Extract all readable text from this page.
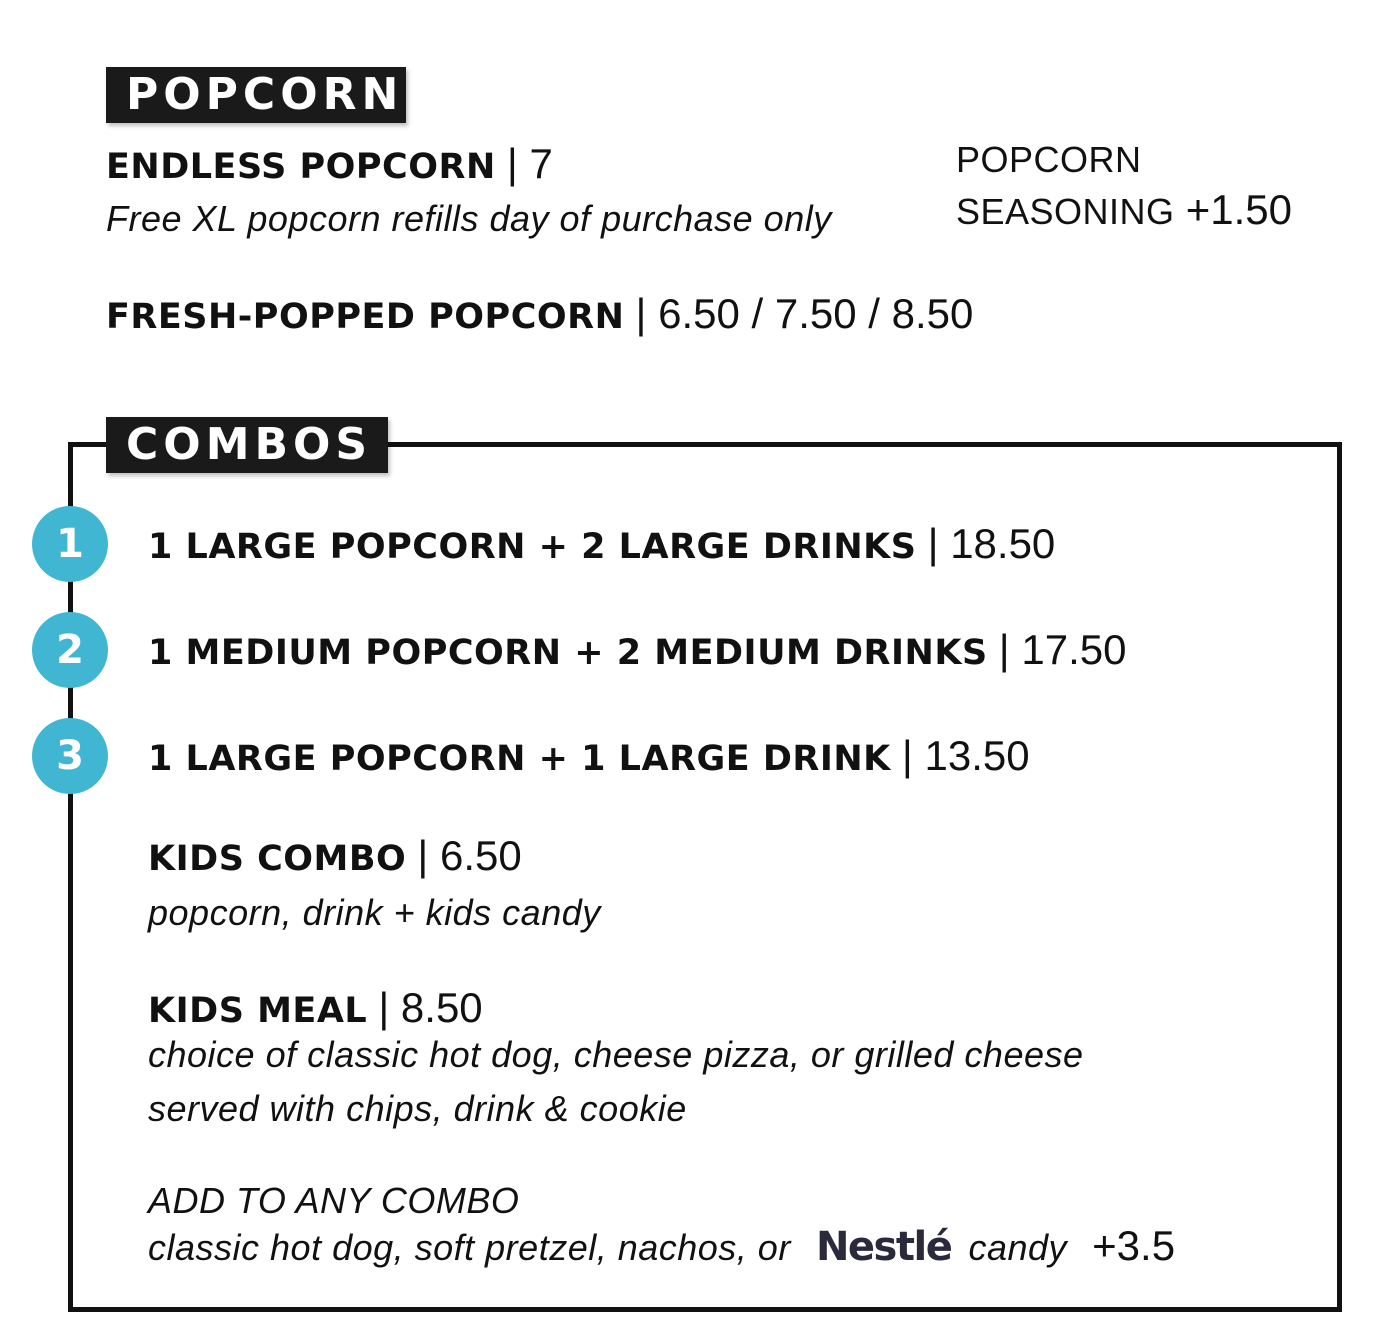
POPCORN
ENDLESS POPCORN | 7
Free XL popcorn refills day of purchase only
POPCORN
SEASONING +1.50
FRESH-POPPED POPCORN | 6.50 / 7.50 / 8.50
COMBOS
1	1 LARGE POPCORN + 2 LARGE DRINKS | 18.50
2	1 MEDIUM POPCORN + 2 MEDIUM DRINKS | 17.50
3	1 LARGE POPCORN + 1 LARGE DRINK | 13.50
KIDS COMBO | 6.50
popcorn, drink + kids candy
KIDS MEAL | 8.50
choice of classic hot dog, cheese pizza, or grilled cheese
served with chips, drink & cookie
ADD TO ANY COMBO
classic hot dog, soft pretzel, nachos, or Nestlé candy +3.5
